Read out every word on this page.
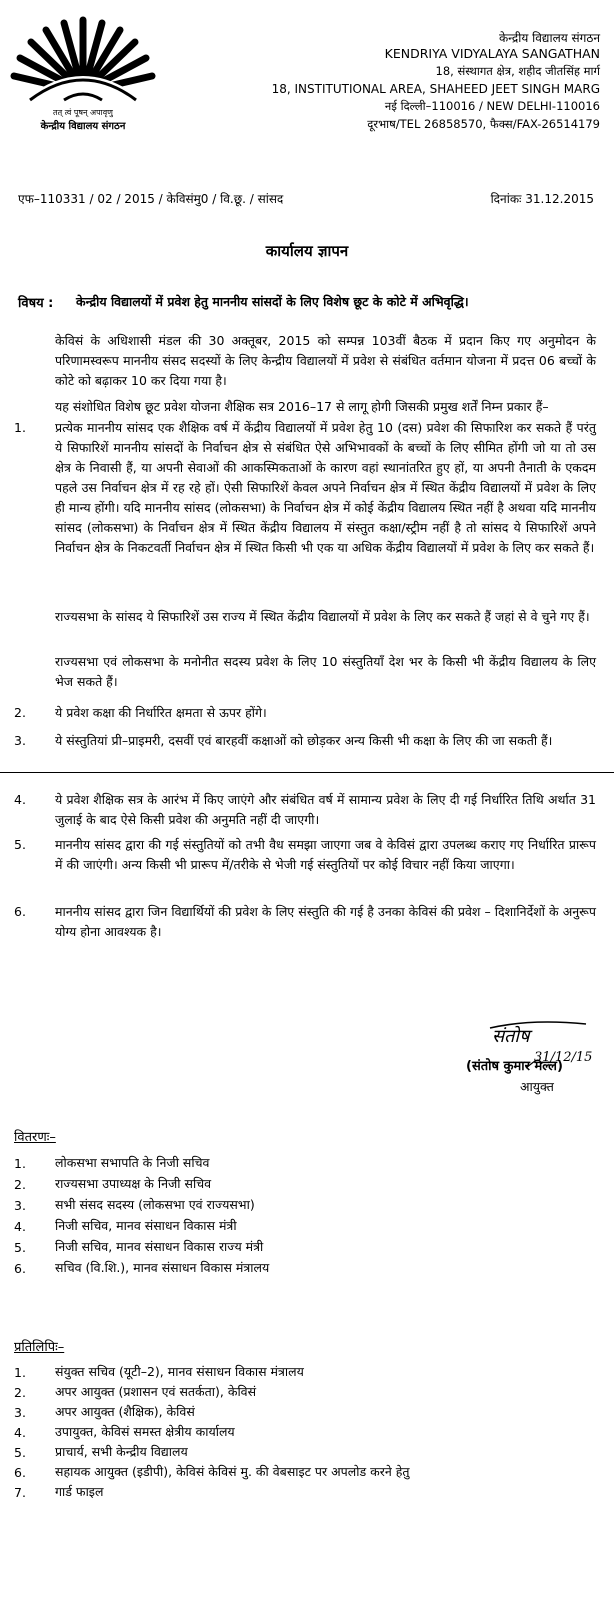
तत् त्वं पूषन् अपावृणु
केन्द्रीय विद्यालय संगठन
केन्द्रीय विद्यालय संगठन
KENDRIYA VIDYALAYA SANGATHAN
18, संस्थागत क्षेत्र, शहीद जीतसिंह मार्ग
18, INSTITUTIONAL AREA, SHAHEED JEET SINGH MARG
नई दिल्ली–110016 / NEW DELHI-110016
दूरभाष/TEL 26858570, फैक्स/FAX-26514179
एफ–110331 / 02 / 2015 / केविसंमु0 / वि.छू. / सांसद	दिनांकः 31.12.2015
कार्यालय ज्ञापन
विषय : केन्द्रीय विद्यालयों में प्रवेश हेतु माननीय सांसदों के लिए विशेष छूट के कोटे में अभिवृद्धि।
केविसं के अधिशासी मंडल की 30 अक्तूबर, 2015 को सम्पन्न 103वीं बैठक में प्रदान किए गए अनुमोदन के परिणामस्वरूप माननीय संसद सदस्यों के लिए केन्द्रीय विद्यालयों में प्रवेश से संबंधित वर्तमान योजना में प्रदत्त 06 बच्चों के कोटे को बढ़ाकर 10 कर दिया गया है।
यह संशोधित विशेष छूट प्रवेश योजना शैक्षिक सत्र 2016–17 से लागू होगी जिसकी प्रमुख शर्तें निम्न प्रकार हैं–
1. प्रत्येक माननीय सांसद एक शैक्षिक वर्ष में केंद्रीय विद्यालयों में प्रवेश हेतु 10 (दस) प्रवेश की सिफारिश कर सकते हैं परंतु ये सिफारिशें माननीय सांसदों के निर्वाचन क्षेत्र से संबंधित ऐसे अभिभावकों के बच्चों के लिए सीमित होंगी जो या तो उस क्षेत्र के निवासी हैं, या अपनी सेवाओं की आकस्मिकताओं के कारण वहां स्थानांतरित हुए हों, या अपनी तैनाती के एकदम पहले उस निर्वाचन क्षेत्र में रह रहे हों। ऐसी सिफारिशें केवल अपने निर्वाचन क्षेत्र में स्थित केंद्रीय विद्यालयों में प्रवेश के लिए ही मान्य होंगी। यदि माननीय सांसद (लोकसभा) के निर्वाचन क्षेत्र में कोई केंद्रीय विद्यालय स्थित नहीं है अथवा यदि माननीय सांसद (लोकसभा) के निर्वाचन क्षेत्र में स्थित केंद्रीय विद्यालय में संस्तुत कक्षा/स्ट्रीम नहीं है तो सांसद ये सिफारिशें अपने निर्वाचन क्षेत्र के निकटवर्ती निर्वाचन क्षेत्र में स्थित किसी भी एक या अधिक केंद्रीय विद्यालयों में प्रवेश के लिए कर सकते हैं।
राज्यसभा के सांसद ये सिफारिशें उस राज्य में स्थित केंद्रीय विद्यालयों में प्रवेश के लिए कर सकते हैं जहां से वे चुने गए हैं।
राज्यसभा एवं लोकसभा के मनोनीत सदस्य प्रवेश के लिए 10 संस्तुतियाँ देश भर के किसी भी केंद्रीय विद्यालय के लिए भेज सकते हैं।
2. ये प्रवेश कक्षा की निर्धारित क्षमता से ऊपर होंगे।
3. ये संस्तुतियां प्री–प्राइमरी, दसवीं एवं बारहवीं कक्षाओं को छोड़कर अन्य किसी भी कक्षा के लिए की जा सकती हैं।
4. ये प्रवेश शैक्षिक सत्र के आरंभ में किए जाएंगे और संबंधित वर्ष में सामान्य प्रवेश के लिए दी गई निर्धारित तिथि अर्थात 31 जुलाई के बाद ऐसे किसी प्रवेश की अनुमति नहीं दी जाएगी।
5. माननीय सांसद द्वारा की गई संस्तुतियों को तभी वैध समझा जाएगा जब वे केविसं द्वारा उपलब्ध कराए गए निर्धारित प्रारूप में की जाएंगी। अन्य किसी भी प्रारूप में/तरीके से भेजी गई संस्तुतियों पर कोई विचार नहीं किया जाएगा।
6. माननीय सांसद द्वारा जिन विद्यार्थियों की प्रवेश के लिए संस्तुति की गई है उनका केविसं की प्रवेश – दिशानिर्देशों के अनुरूप योग्य होना आवश्यक है।
संतोष
31/12/15
(संतोष कुमार मल्ल)
आयुक्त
वितरणः–
1. लोकसभा सभापति के निजी सचिव
2. राज्यसभा उपाध्यक्ष के निजी सचिव
3. सभी संसद सदस्य (लोकसभा एवं राज्यसभा)
4. निजी सचिव, मानव संसाधन विकास मंत्री
5. निजी सचिव, मानव संसाधन विकास राज्य मंत्री
6. सचिव (वि.शि.), मानव संसाधन विकास मंत्रालय
प्रतिलिपिः–
1. संयुक्त सचिव (यूटी–2), मानव संसाधन विकास मंत्रालय
2. अपर आयुक्त (प्रशासन एवं सतर्कता), केविसं
3. अपर आयुक्त (शैक्षिक), केविसं
4. उपायुक्त, केविसं समस्त क्षेत्रीय कार्यालय
5. प्राचार्य, सभी केन्द्रीय विद्यालय
6. सहायक आयुक्त (इडीपी), केविसं केविसं मु. की वेबसाइट पर अपलोड करने हेतु
7. गार्ड फाइल
